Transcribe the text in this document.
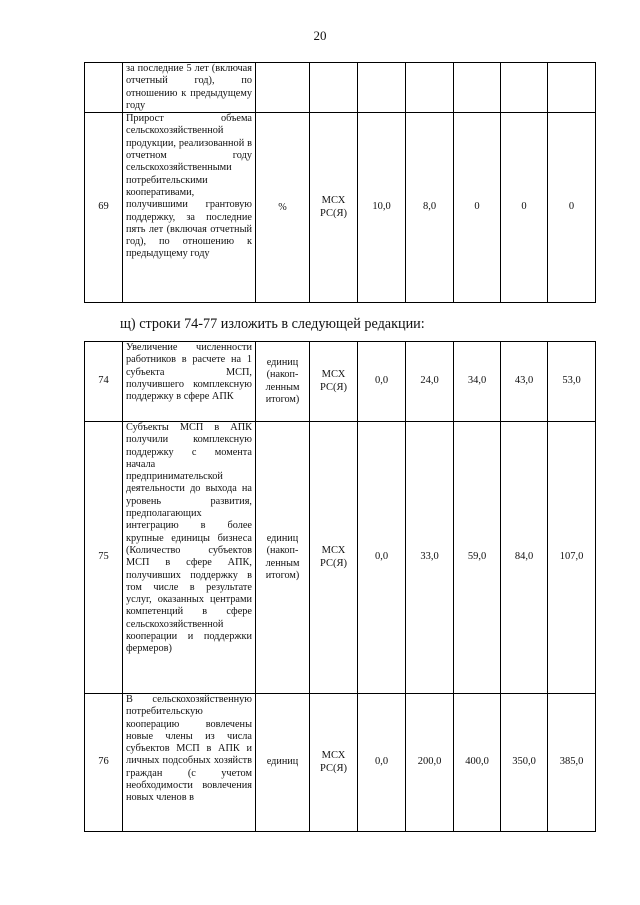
20
	за последние 5 лет (включая отчетный год), по отношению к предыдущему году							
69	Прирост объема сельскохозяйственной продукции, реализованной в отчетном году сельскохозяйственными потребительскими кооперативами, получившими грантовую поддержку, за последние пять лет (включая отчетный год), по отношению к предыдущему году	%	МСХ РС(Я)	10,0	8,0	0	0	0
щ) строки 74-77 изложить в следующей редакции:
74	Увеличение численности работников в расчете на 1 субъекта МСП, получившего комплексную поддержку в сфере АПК	единиц (накоп-ленным итогом)	МСХ РС(Я)	0,0	24,0	34,0	43,0	53,0
75	Субъекты МСП в АПК получили комплексную поддержку с момента начала предпринимательской деятельности до выхода на уровень развития, предполагающих интеграцию в более крупные единицы бизнеса (Количество субъектов МСП в сфере АПК, получивших поддержку в том числе в результате услуг, оказанных центрами компетенций в сфере сельскохозяйственной кооперации и поддержки фермеров)	единиц (накоп-ленным итогом)	МСХ РС(Я)	0,0	33,0	59,0	84,0	107,0
76	В сельскохозяйственную потребительскую кооперацию вовлечены новые члены из числа субъектов МСП в АПК и личных подсобных хозяйств граждан (с учетом необходимости вовлечения новых членов в	единиц	МСХ РС(Я)	0,0	200,0	400,0	350,0	385,0
